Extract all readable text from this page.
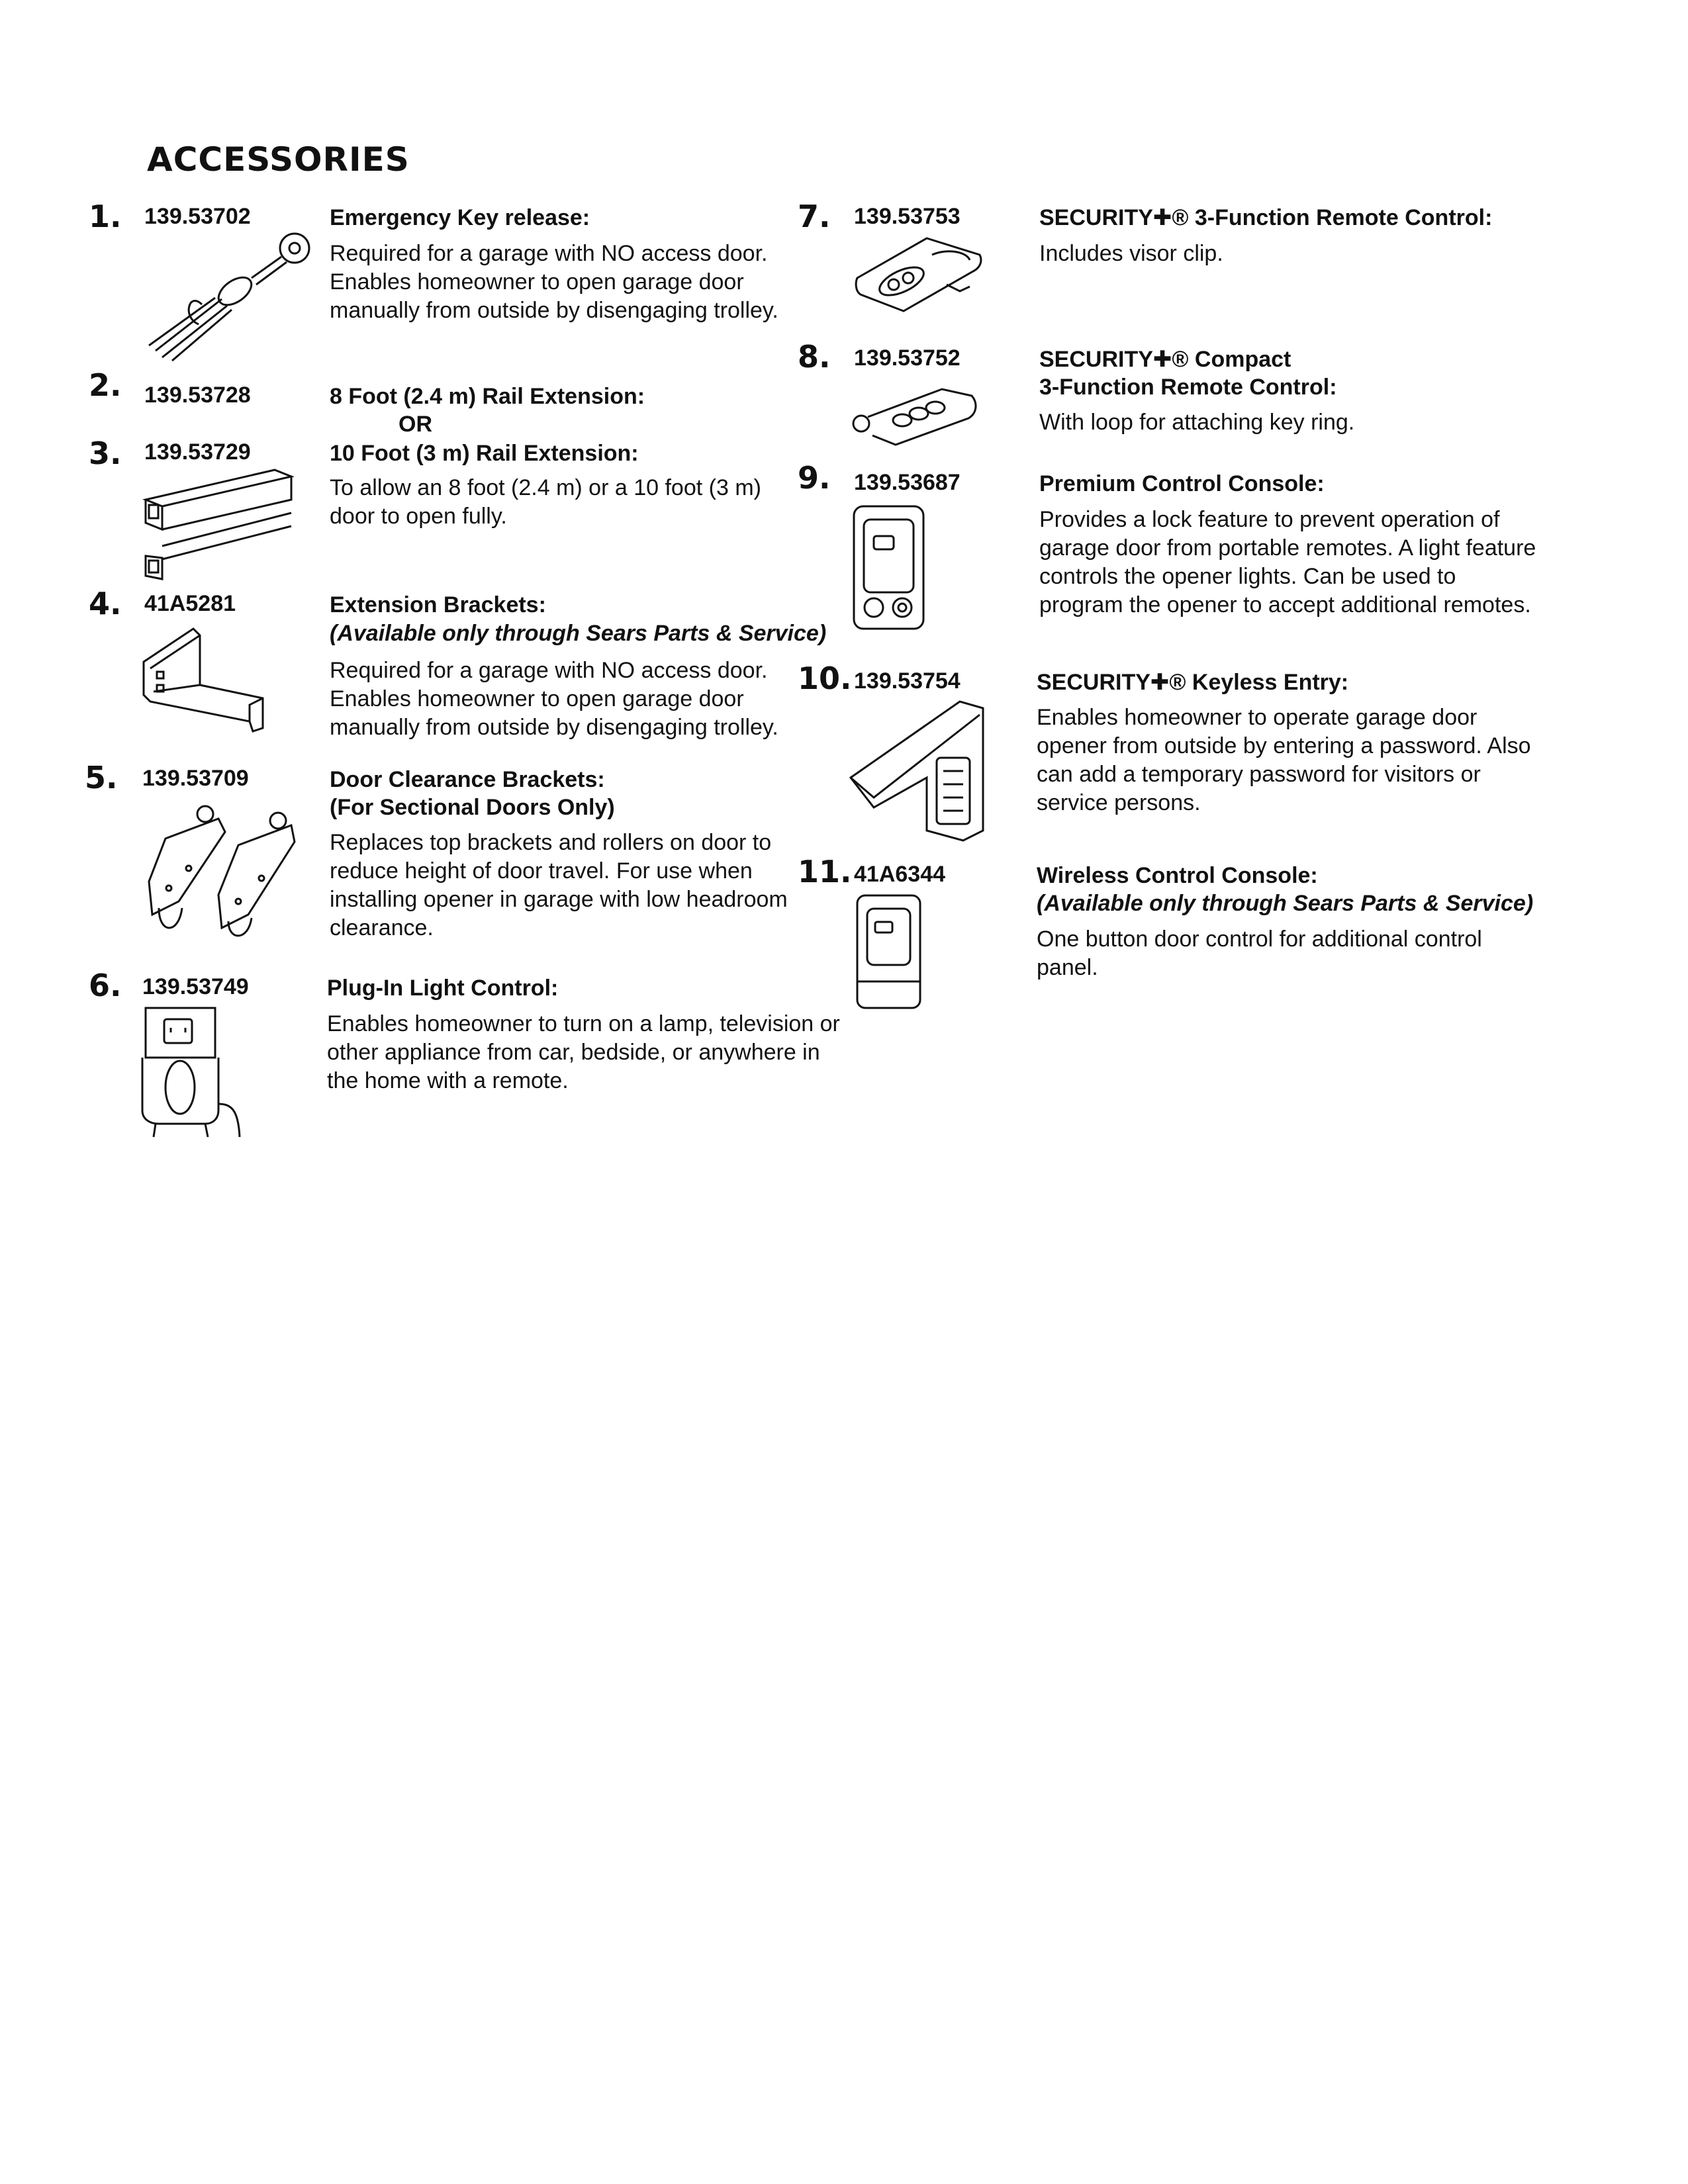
ACCESSORIES
1. 139.53702	Emergency Key release:
Required for a garage with NO access door. Enables homeowner to open garage door manually from outside by disengaging trolley.
2. 139.53728	8 Foot (2.4 m) Rail Extension:
OR
3. 139.53729	10 Foot (3 m) Rail Extension:
To allow an 8 foot (2.4 m) or a 10 foot (3 m) door to open fully.
4. 41A5281	Extension Brackets:
(Available only through Sears Parts & Service)
Required for a garage with NO access door. Enables homeowner to open garage door manually from outside by disengaging trolley.
5. 139.53709	Door Clearance Brackets:
(For Sectional Doors Only)
Replaces top brackets and rollers on door to reduce height of door travel. For use when installing opener in garage with low headroom clearance.
6. 139.53749	Plug-In Light Control:
Enables homeowner to turn on a lamp, television or other appliance from car, bedside, or anywhere in the home with a remote.
7. 139.53753	SECURITY✚® 3-Function Remote Control:
Includes visor clip.
8. 139.53752	SECURITY✚® Compact
3-Function Remote Control:
With loop for attaching key ring.
9. 139.53687	Premium Control Console:
Provides a lock feature to prevent operation of garage door from portable remotes. A light feature controls the opener lights. Can be used to program the opener to accept additional remotes.
10. 139.53754	SECURITY✚® Keyless Entry:
Enables homeowner to operate garage door opener from outside by entering a password. Also can add a temporary password for visitors or service persons.
11. 41A6344	Wireless Control Console:
(Available only through Sears Parts & Service)
One button door control for additional control panel.
